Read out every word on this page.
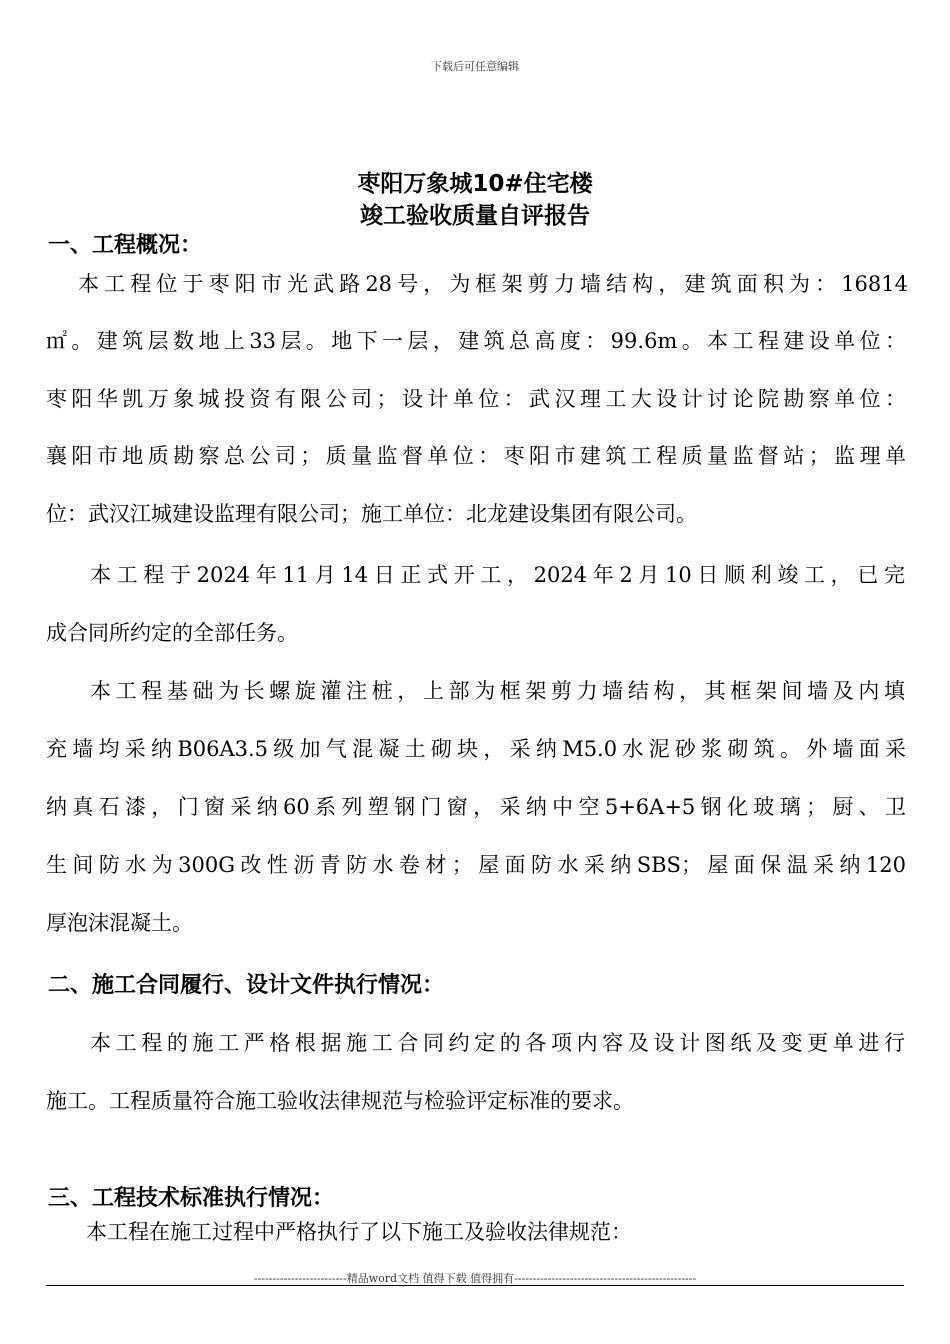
下载后可任意编辑
枣阳万象城10#住宅楼
竣工验收质量自评报告
一、工程概况：
本工程位于枣阳市光武路28号，为框架剪力墙结构，建筑面积为：16814
㎡。建筑层数地上33层。地下一层，建筑总高度：99.6m。本工程建设单位：
枣阳华凯万象城投资有限公司；设计单位：武汉理工大设计讨论院勘察单位：
襄阳市地质勘察总公司；质量监督单位：枣阳市建筑工程质量监督站；监理单
位：武汉江城建设监理有限公司；施工单位：北龙建设集团有限公司。
本工程于2024年11月14日正式开工，2024年2月10日顺利竣工，已完
成合同所约定的全部任务。
本工程基础为长螺旋灌注桩，上部为框架剪力墙结构，其框架间墙及内填
充墙均采纳B06A3.5级加气混凝土砌块，采纳M5.0水泥砂浆砌筑。外墙面采
纳真石漆，门窗采纳60系列塑钢门窗，采纳中空5+6A+5钢化玻璃；厨、卫
生间防水为300G改性沥青防水卷材；屋面防水采纳SBS；屋面保温采纳120
厚泡沫混凝土。
二、施工合同履行、设计文件执行情况：
本工程的施工严格根据施工合同约定的各项内容及设计图纸及变更单进行
施工。工程质量符合施工验收法律规范与检验评定标准的要求。
三、工程技术标准执行情况：
本工程在施工过程中严格执行了以下施工及验收法律规范：
-------------------------精品word文档 值得下载 值得拥有-------------------------------------------------
